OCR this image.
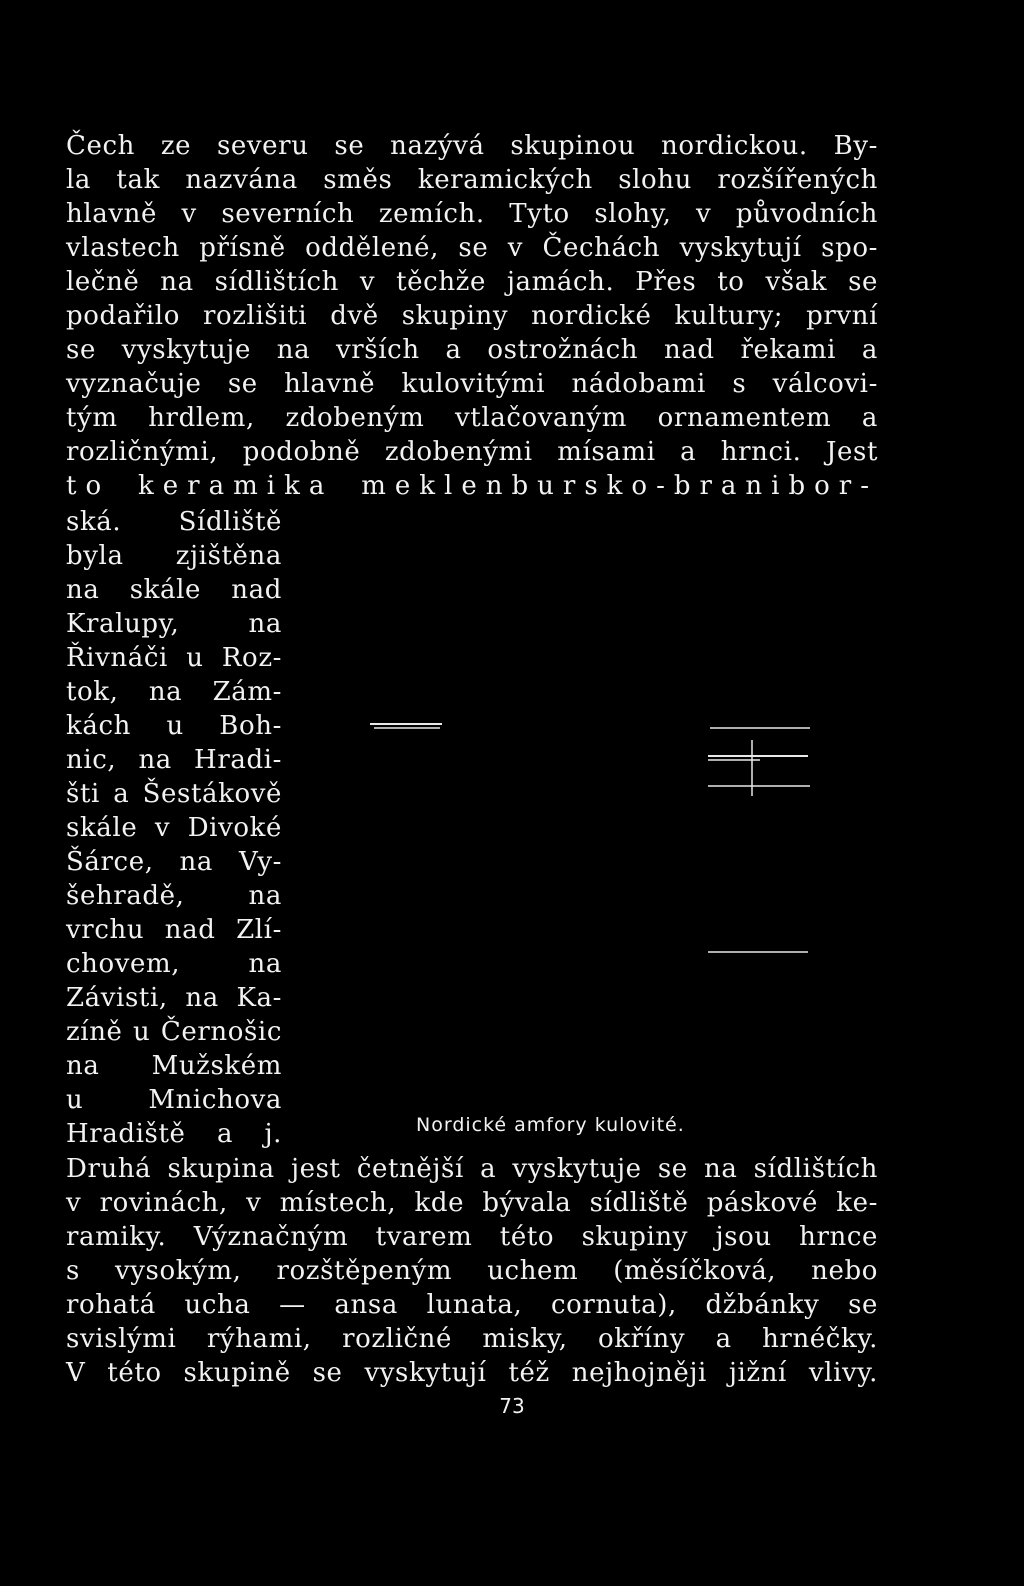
Čech ze severu se nazývá skupinou nordickou. By-
la tak nazvána směs keramických slohu rozšířených
hlavně v severních zemích. Tyto slohy, v původních
vlastech přísně oddělené, se v Čechách vyskytují spo-
lečně na sídlištích v těchže jamách. Přes to však se
podařilo rozlišiti dvě skupiny nordické kultury; první
se vyskytuje na vrších a ostrožnách nad řekami a
vyznačuje se hlavně kulovitými nádobami s válcovi-
tým hrdlem, zdobeným vtlačovaným ornamentem a
rozličnými, podobně zdobenými mísami a hrnci. Jest
to keramika meklenbursko-branibor-
ská. Sídliště
byla zjištěna
na skále nad
Kralupy, na
Řivnáči u Roz-
tok, na Zám-
kách u Boh-
nic, na Hradi-
šti a Šestákově
skále v Divoké
Šárce, na Vy-
šehradě, na
vrchu nad Zlí-
chovem, na
Závisti, na Ka-
zíně u Černošic
na Mužském
u Mnichova
Hradiště a j.	Nordické amfory kulovité.
Druhá skupina jest četnější a vyskytuje se na sídlištích
v rovinách, v místech, kde bývala sídliště páskové ke-
ramiky. Význačným tvarem této skupiny jsou hrnce
s vysokým, rozštěpeným uchem (měsíčková, nebo
rohatá ucha — ansa lunata, cornuta), džbánky se
svislými rýhami, rozličné misky, okříny a hrnéčky.
V této skupině se vyskytují též nejhojněji jižní vlivy.
73
